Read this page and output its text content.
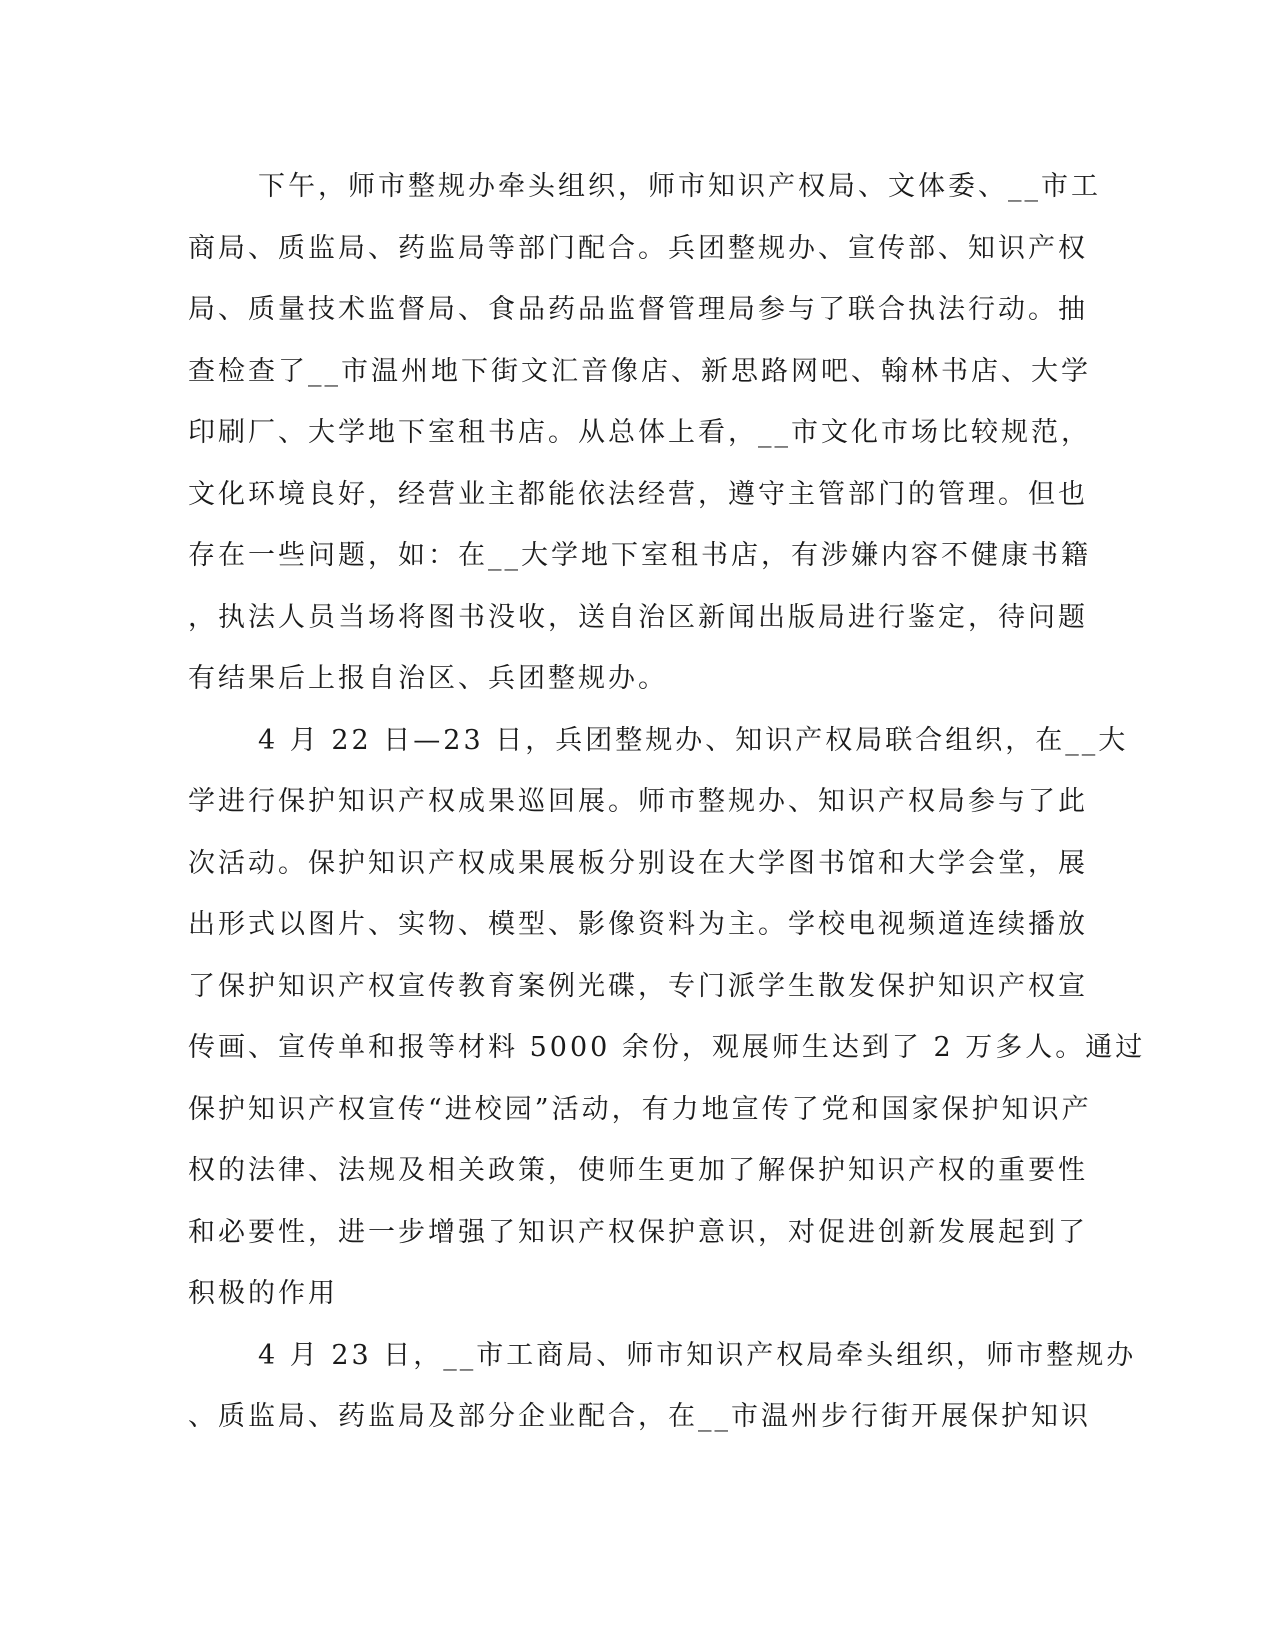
下午，师市整规办牵头组织，师市知识产权局、文体委、__市工
商局、质监局、药监局等部门配合。兵团整规办、宣传部、知识产权
局、质量技术监督局、食品药品监督管理局参与了联合执法行动。抽
查检查了__市温州地下街文汇音像店、新思路网吧、翰林书店、大学
印刷厂、大学地下室租书店。从总体上看，__市文化市场比较规范，
文化环境良好，经营业主都能依法经营，遵守主管部门的管理。但也
存在一些问题，如：在__大学地下室租书店，有涉嫌内容不健康书籍
，执法人员当场将图书没收，送自治区新闻出版局进行鉴定，待问题
有结果后上报自治区、兵团整规办。
4 月 22 日—23 日，兵团整规办、知识产权局联合组织，在__大
学进行保护知识产权成果巡回展。师市整规办、知识产权局参与了此
次活动。保护知识产权成果展板分别设在大学图书馆和大学会堂，展
出形式以图片、实物、模型、影像资料为主。学校电视频道连续播放
了保护知识产权宣传教育案例光碟，专门派学生散发保护知识产权宣
传画、宣传单和报等材料 5000 余份，观展师生达到了 2 万多人。通过
保护知识产权宣传“进校园”活动，有力地宣传了党和国家保护知识产
权的法律、法规及相关政策，使师生更加了解保护知识产权的重要性
和必要性，进一步增强了知识产权保护意识，对促进创新发展起到了
积极的作用
4 月 23 日，__市工商局、师市知识产权局牵头组织，师市整规办
、质监局、药监局及部分企业配合，在__市温州步行街开展保护知识
